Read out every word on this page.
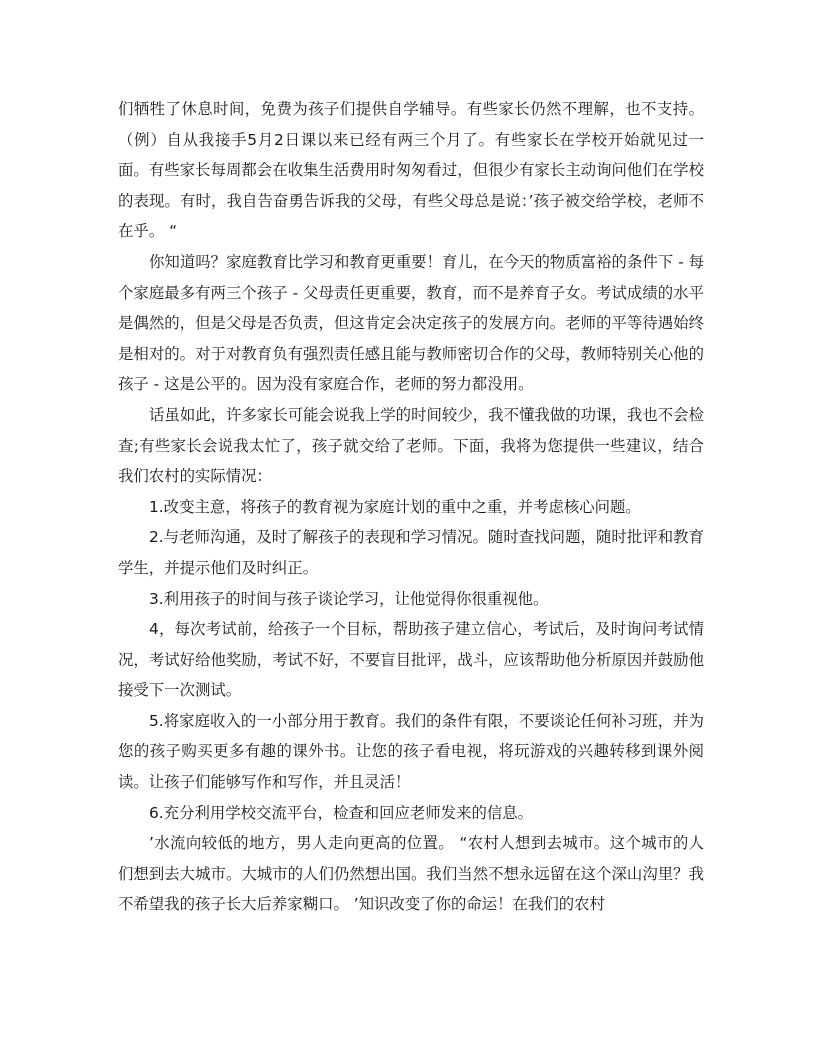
们牺牲了休息时间，免费为孩子们提供自学辅导。有些家长仍然不理解，也不支持。（例）自从我接手5月2日课以来已经有两三个月了。有些家长在学校开始就见过一面。有些家长每周都会在收集生活费用时匆匆看过，但很少有家长主动询问他们在学校的表现。有时，我自告奋勇告诉我的父母，有些父母总是说：’孩子被交给学校，老师不在乎。 “

你知道吗？家庭教育比学习和教育更重要！育儿，在今天的物质富裕的条件下 - 每个家庭最多有两三个孩子 - 父母责任更重要，教育，而不是养育子女。考试成绩的水平是偶然的，但是父母是否负责，但这肯定会决定孩子的发展方向。老师的平等待遇始终是相对的。对于对教育负有强烈责任感且能与教师密切合作的父母，教师特别关心他的孩子 - 这是公平的。因为没有家庭合作，老师的努力都没用。

话虽如此，许多家长可能会说我上学的时间较少，我不懂我做的功课，我也不会检查;有些家长会说我太忙了，孩子就交给了老师。下面，我将为您提供一些建议，结合我们农村的实际情况：

1.改变主意，将孩子的教育视为家庭计划的重中之重，并考虑核心问题。

2.与老师沟通，及时了解孩子的表现和学习情况。随时查找问题，随时批评和教育学生，并提示他们及时纠正。

3.利用孩子的时间与孩子谈论学习，让他觉得你很重视他。

4，每次考试前，给孩子一个目标，帮助孩子建立信心，考试后，及时询问考试情况，考试好给他奖励，考试不好，不要盲目批评，战斗，应该帮助他分析原因并鼓励他接受下一次测试。

5.将家庭收入的一小部分用于教育。我们的条件有限，不要谈论任何补习班，并为您的孩子购买更多有趣的课外书。让您的孩子看电视，将玩游戏的兴趣转移到课外阅读。让孩子们能够写作和写作，并且灵活！

6.充分利用学校交流平台，检查和回应老师发来的信息。

’水流向较低的地方，男人走向更高的位置。 “农村人想到去城市。这个城市的人们想到去大城市。大城市的人们仍然想出国。我们当然不想永远留在这个深山沟里？我不希望我的孩子长大后养家糊口。 ’知识改变了你的命运！在我们的农村
